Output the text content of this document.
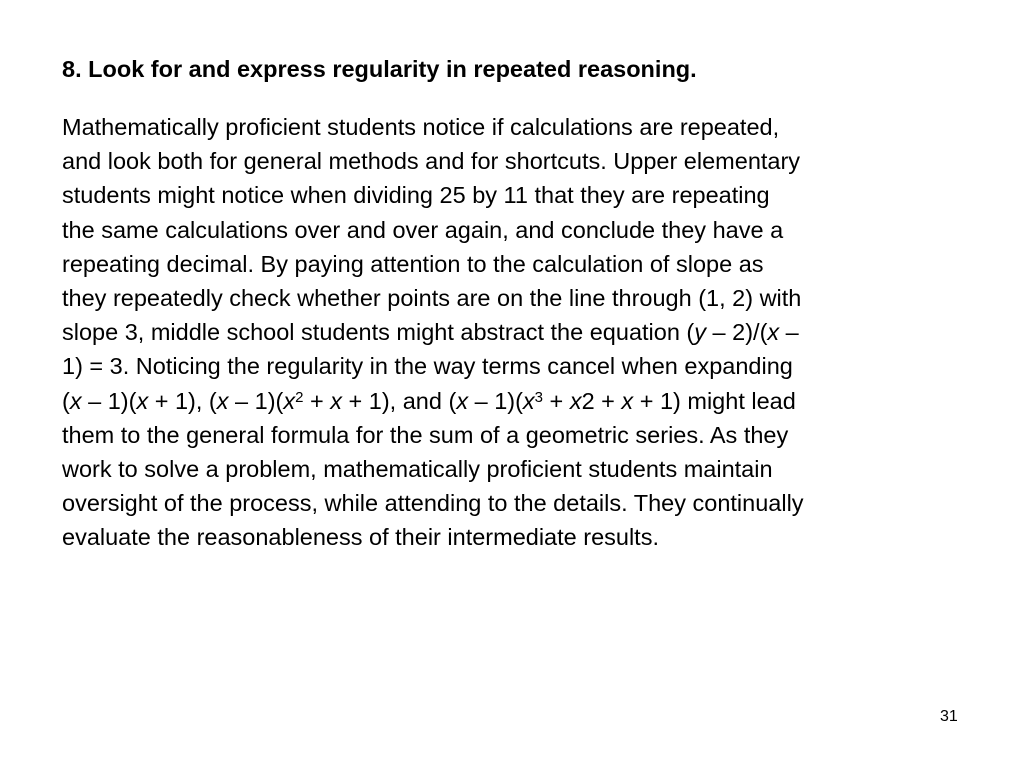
8. Look for and express regularity in repeated reasoning.
Mathematically proficient students notice if calculations are repeated,
and look both for general methods and for shortcuts. Upper elementary
students might notice when dividing 25 by 11 that they are repeating
the same calculations over and over again, and conclude they have a
repeating decimal. By paying attention to the calculation of slope as
they repeatedly check whether points are on the line through (1, 2) with
slope 3, middle school students might abstract the equation (y – 2)/(x –
1) = 3. Noticing the regularity in the way terms cancel when expanding
(x – 1)(x + 1), $(x - 1)(x^2 + x + 1)$, and $(x - 1)(x^3 + x2 + x + 1)$ might lead
them to the general formula for the sum of a geometric series. As they
work to solve a problem, mathematically proficient students maintain
oversight of the process, while attending to the details. They continually
evaluate the reasonableness of their intermediate results.
31
